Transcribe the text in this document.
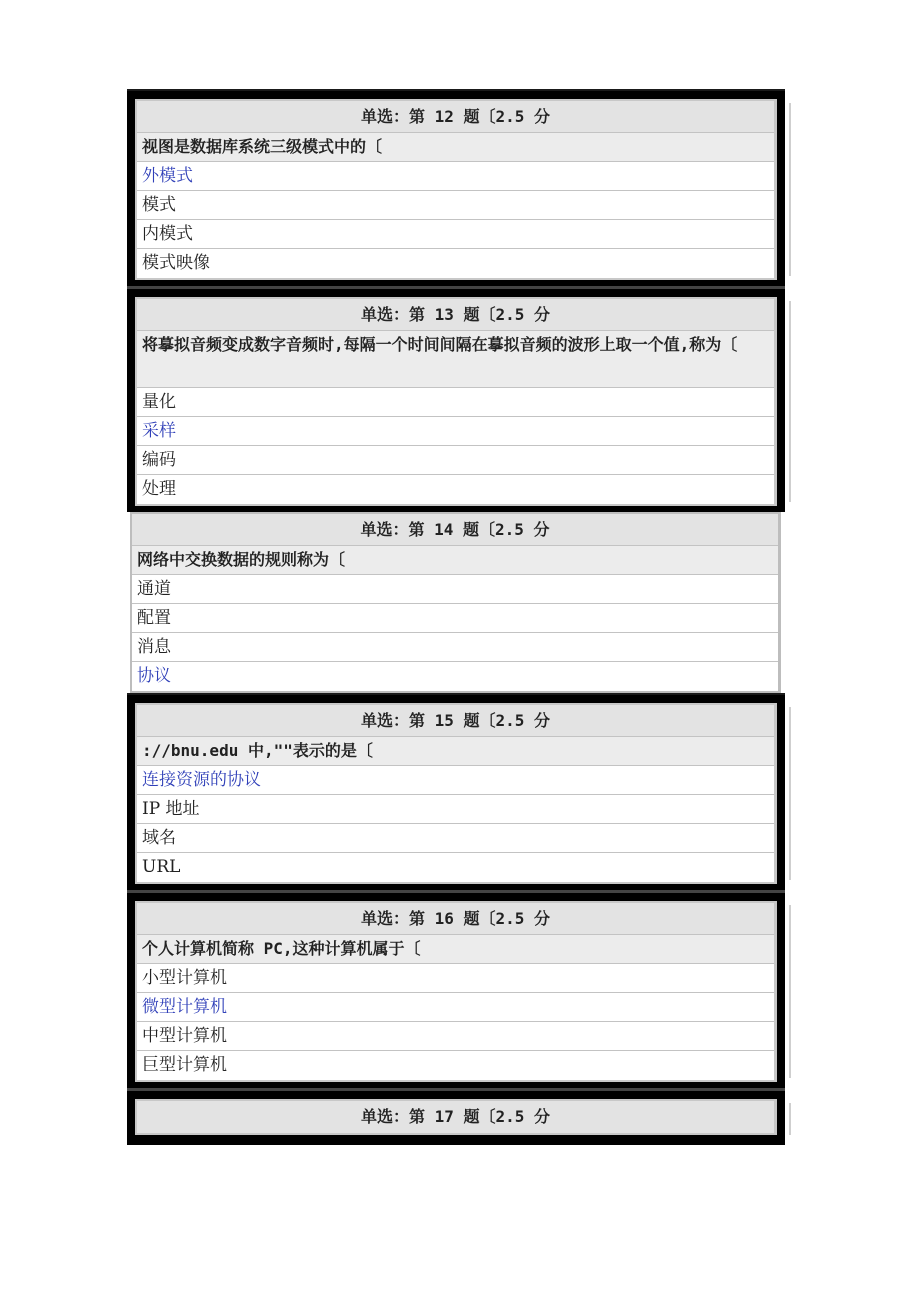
单选：第 12 题〔2.5 分
视图是数据库系统三级模式中的〔
外模式
模式
内模式
模式映像
单选：第 13 题〔2.5 分
将摹拟音频变成数字音频时,每隔一个时间间隔在摹拟音频的波形上取一个值,称为〔
量化
采样
编码
处理
单选：第 14 题〔2.5 分
网络中交换数据的规则称为〔
通道
配置
消息
协议
单选：第 15 题〔2.5 分
://bnu.edu 中,""表示的是〔
连接资源的协议
IP 地址
域名
URL
单选：第 16 题〔2.5 分
个人计算机简称 PC,这种计算机属于〔
小型计算机
微型计算机
中型计算机
巨型计算机
单选：第 17 题〔2.5 分
